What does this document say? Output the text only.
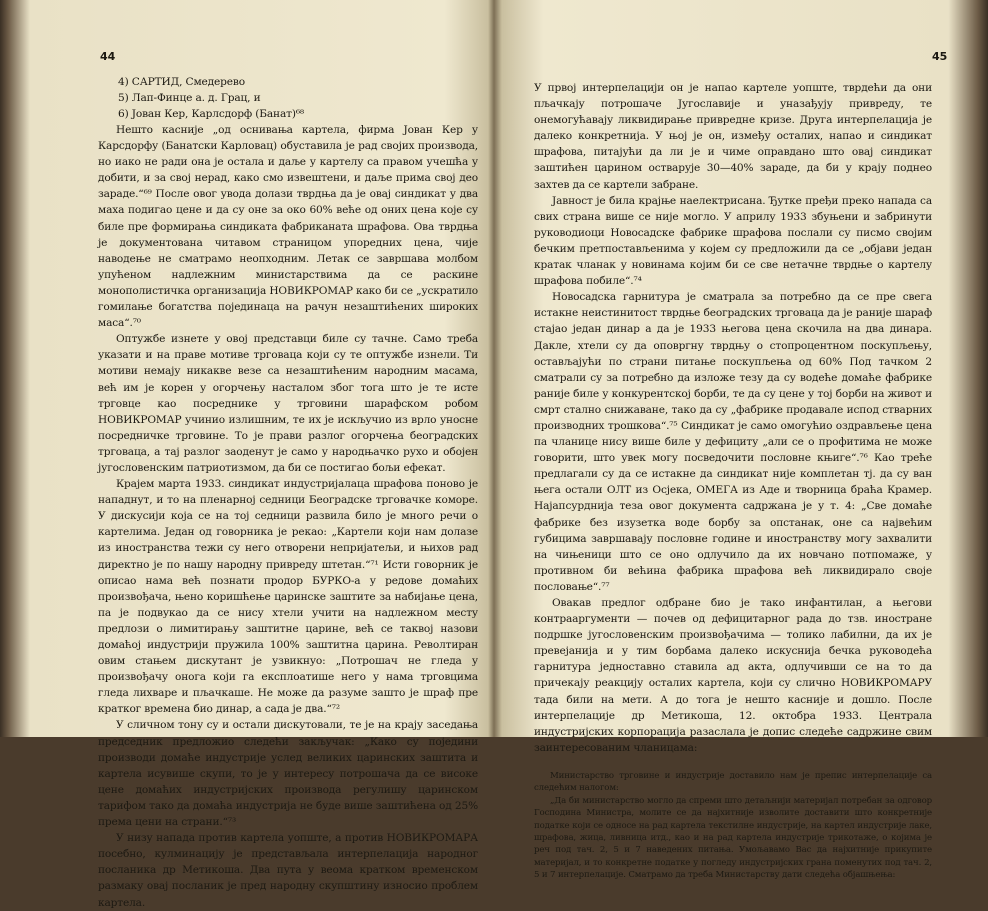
44
4) САРТИД, Смедерево
5) Лап-Финце а. д. Грац, и
6) Јован Кер, Карлсдорф (Банат)⁶⁸

Нешто касније „од оснивања картела, фирма Јован Кер у Карсдорфу (Банатски Карловац) обуставила је рад својих производа, но иако не ради она је остала и даље у картелу са правом учешћа у добити, и за свој нерад, како смо извештени, и даље прима свој део зараде.“⁶⁹ После овог увода долази тврдња да је овај синдикат у два маха подигао цене и да су оне за око 60% веће од оних цена које су биле пре формирања синдиката фабриканата шрафова. Ова тврдња је документована читавом страницом упоредних цена, чије наводење не сматрамо неопходним. Летак се завршава молбом упућеном надлежним министарствима да се раскине монополистичка организација НОВИКРОМАР како би се „ускратило гомилање богатства појединаца на рачун незаштићених широких маса“.⁷⁰

Оптужбе изнете у овој представци биле су тачне. Само треба указати и на праве мотиве трговаца који су те оптужбе изнели. Ти мотиви немају никакве везе са незаштићеним народним масама, већ им је корен у огорчењу насталом због тога што је те исте трговце као посреднике у трговини шарафском робом НОВИКРОМАР учинио излишним, те их је искључио из врло уносне посредничке трговине. То је прави разлог огорчења београдских трговаца, а тај разлог заоденут је само у народњачко рухо и обојен југословенским патриотизмом, да би се постигао бољи ефекат.

Крајем марта 1933. синдикат индустријалаца шрафова поново је нападнут, и то на пленарној седници Београдске трговачке коморе. У дискусији која се на тој седници развила било је много речи о картелима. Један од говорника је рекао: „Картели који нам долазе из иностранства тежи су него отворени непријатељи, и њихов рад директно је по нашу народну привреду штетан.“⁷¹ Исти говорник је описао нама већ познати продор БУРКО-а у редове домаћих произвођача, њено коришћење царинске заштите за набијање цена, па је подвукао да се нису хтели учити на надлежном месту предлози о лимитирању заштитне царине, већ се таквој назови домаћој индустрији пружила 100% заштитна царина. Револтиран овим стањем дискутант је узвикнуо: „Потрошач не гледа у произвођачу оногa који га експлоатише него у нама трговцима гледа лихваре и пљачкаше. Не може да разуме зашто је шраф пре кратког времена био динар, а сада је два.“⁷²

У сличном тону су и остали дискутовали, те је на крају заседања председник предложио следећи закључак: „Како су поједини производи домаће индустрије услед великих царинских заштита и картела исувише скупи, то је у интересу потрошача да се високе цене домаћих индустријских производа регулишу царинском тарифом тако да домаћа индустрија не буде више заштићена од 25% према цени на страни.“⁷³

У низу напада против картела уопште, а против НОВИКРОМАРА посебно, кулминацију је представљала интерпелација народног посланика др Метикоша. Два пута у веома кратком временском размаку овај посланик је пред народну скупштину износио проблем картела.

45

У првој интерпелацији он је напао картеле уопште, тврдећи да они пљачкају потрошаче Југославије и уназађују привреду, те онемогућавају ликвидирање привредне кризе. Друга интерпелација је далеко конкретнија. У њој је он, између осталих, напао и синдикат шрафова, питајући да ли је и чиме оправдано што овај синдикат заштићен царином оствaрује 30—40% зараде, да би у крају поднео захтев да се картели забране.

Јавност је била крајње наелектрисана. Ђутке пређи преко напада са свих страна више се није могло. У априлу 1933 збуњени и забринути руководиоци Новосадске фабрике шрафова послали су писмо својим бечким претпостављенима у којем су предложили да се „објави један кратак чланак у новинама којим би се све нетачне тврдње о картелу шрафова побиле“.⁷⁴

Новосадска гарнитура је сматрала за потребно да се пре свега истакне неистинитост тврдње београдских трговаца да је раније шараф стајао један динар а да је 1933 његова цена скочила на два динара. Дакле, хтели су да оповргну тврдњу о стопроцентном поскупљењу, остављајући по страни питање поскупљења од 60% Под тачком 2 сматрали су за потребно да изложе тезу да су водеће домаће фабрике раније биле у конкурентској борби, те да су цене у тој борби на живот и смрт стално снижаване, тако да су „фабрике продавале испод стварних производних трошкова“.⁷⁵ Синдикат је само омогућио оздрављење цена па чланице нису више биле у дефициту „али се о профитима не може говорити, што увек могу посведочити пословне књиге“.⁷⁶ Као треће предлагали су да се истакне да синдикат није комплетан тј. да су ван њега остали ОЛТ из Осјека, ОМЕГА из Аде и творница браћа Крамер. Најапсурднија теза овог документа садржана је у т. 4: „Све домаће фабрике без изузетка воде борбу за опстанак, оне са највећим губицима завршавају пословне године и иностранству могу захвалити на чињеници што се оно одлучило да их новчано потпомаже, у противном би већина фабрика шрафова већ ликвидирало своје пословање“.⁷⁷

Овакав предлог одбране био је тако инфантилан, а његови контрааргументи — почев од дефицитарног рада до тзв. иностране подршке југословенским произвођачима — толико лабилни, да их је превејанија и у тим борбама далеко искуснија бечка руководећа гарнитура једноставно ставила ад акта, одлучивши се на то да причекају реакцију осталих картела, који су слично НОВИКРОМАРУ тада били на мети. А до тога је нешто касније и дошло. После интерпелације др Метикоша, 12. октобра 1933. Централа индустријских корпорација разаслала је допис следеће садржине свим заинтересованим чланицама:

Министарство трговине и индустрије доставило нам је препис интерпелације са следећим налогом:

„Да би министарство могло да спреми што детаљнији материјал потребан за одговор Господина Министра, молите се да најхитније изволите доставити што конкретније податке који се односе на рад картела текстилне индустрије, на картел индустрије лаке, шрафова, жица, ливница итд., као и на рад картела индустрије трикотаже, о којима је реч под тач. 2, 5 и 7 наведених питања. Умољавамо Вас да најхитније прикупите материјал, и то конкретне податке у погледу индустријских грана поменутих под тач. 2, 5 и 7 интерпелације. Сматрамо да треба Министарству дати следећа објашњења:
